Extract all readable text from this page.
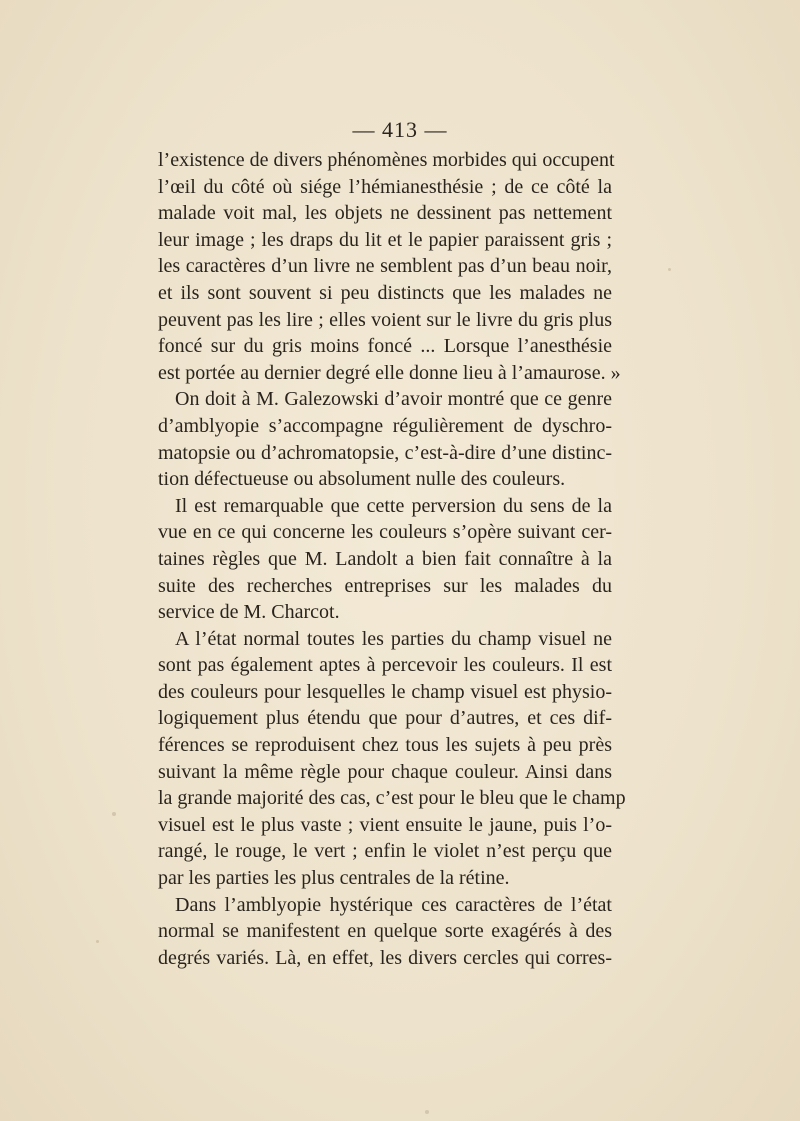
— 413 —
l’existence de divers phénomènes morbides qui occupent
l’œil du côté où siége l’hémianesthésie ; de ce côté la
malade voit mal, les objets ne dessinent pas nettement
leur image ; les draps du lit et le papier paraissent gris ;
les caractères d’un livre ne semblent pas d’un beau noir,
et ils sont souvent si peu distincts que les malades ne
peuvent pas les lire ; elles voient sur le livre du gris plus
foncé sur du gris moins foncé ... Lorsque l’anesthésie
est portée au dernier degré elle donne lieu à l’amaurose. »
On doit à M. Galezowski d’avoir montré que ce genre
d’amblyopie s’accompagne régulièrement de dyschro-
matopsie ou d’achromatopsie, c’est-à-dire d’une distinc-
tion défectueuse ou absolument nulle des couleurs.
Il est remarquable que cette perversion du sens de la
vue en ce qui concerne les couleurs s’opère suivant cer-
taines règles que M. Landolt a bien fait connaître à la
suite des recherches entreprises sur les malades du
service de M. Charcot.
A l’état normal toutes les parties du champ visuel ne
sont pas également aptes à percevoir les couleurs. Il est
des couleurs pour lesquelles le champ visuel est physio-
logiquement plus étendu que pour d’autres, et ces dif-
férences se reproduisent chez tous les sujets à peu près
suivant la même règle pour chaque couleur. Ainsi dans
la grande majorité des cas, c’est pour le bleu que le champ
visuel est le plus vaste ; vient ensuite le jaune, puis l’o-
rangé, le rouge, le vert ; enfin le violet n’est perçu que
par les parties les plus centrales de la rétine.
Dans l’amblyopie hystérique ces caractères de l’état
normal se manifestent en quelque sorte exagérés à des
degrés variés. Là, en effet, les divers cercles qui corres-
